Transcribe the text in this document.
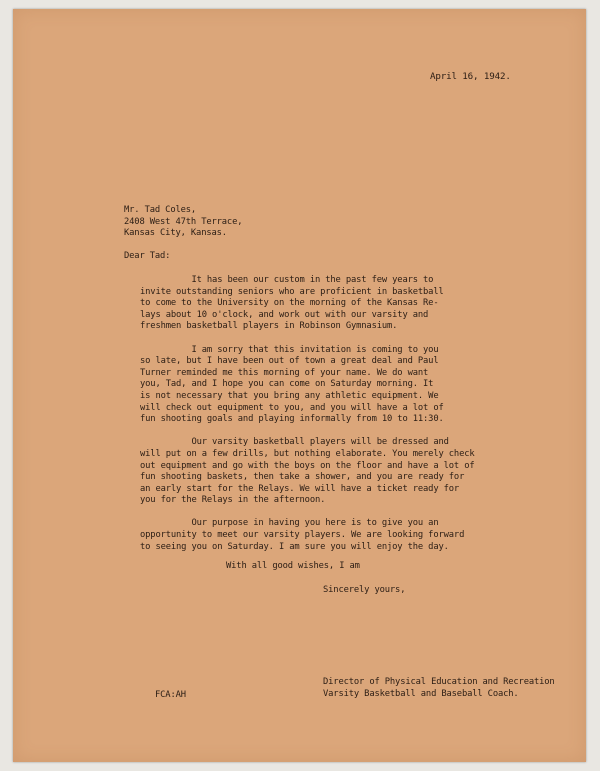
April 16, 1942.
Mr. Tad Coles,
2408 West 47th Terrace,
Kansas City, Kansas.
Dear Tad:
It has been our custom in the past few years to
invite outstanding seniors who are proficient in basketball
to come to the University on the morning of the Kansas Re-
lays about 10 o'clock, and work out with our varsity and
freshmen basketball players in Robinson Gymnasium.
I am sorry that this invitation is coming to you
so late, but I have been out of town a great deal and Paul
Turner reminded me this morning of your name. We do want
you, Tad, and I hope you can come on Saturday morning. It
is not necessary that you bring any athletic equipment. We
will check out equipment to you, and you will have a lot of
fun shooting goals and playing informally from 10 to 11:30.
Our varsity basketball players will be dressed and
will put on a few drills, but nothing elaborate. You merely check
out equipment and go with the boys on the floor and have a lot of
fun shooting baskets, then take a shower, and you are ready for
an early start for the Relays. We will have a ticket ready for
you for the Relays in the afternoon.
Our purpose in having you here is to give you an
opportunity to meet our varsity players. We are looking forward
to seeing you on Saturday. I am sure you will enjoy the day.
With all good wishes, I am
Sincerely yours,
Director of Physical Education and Recreation
Varsity Basketball and Baseball Coach.
FCA:AH
